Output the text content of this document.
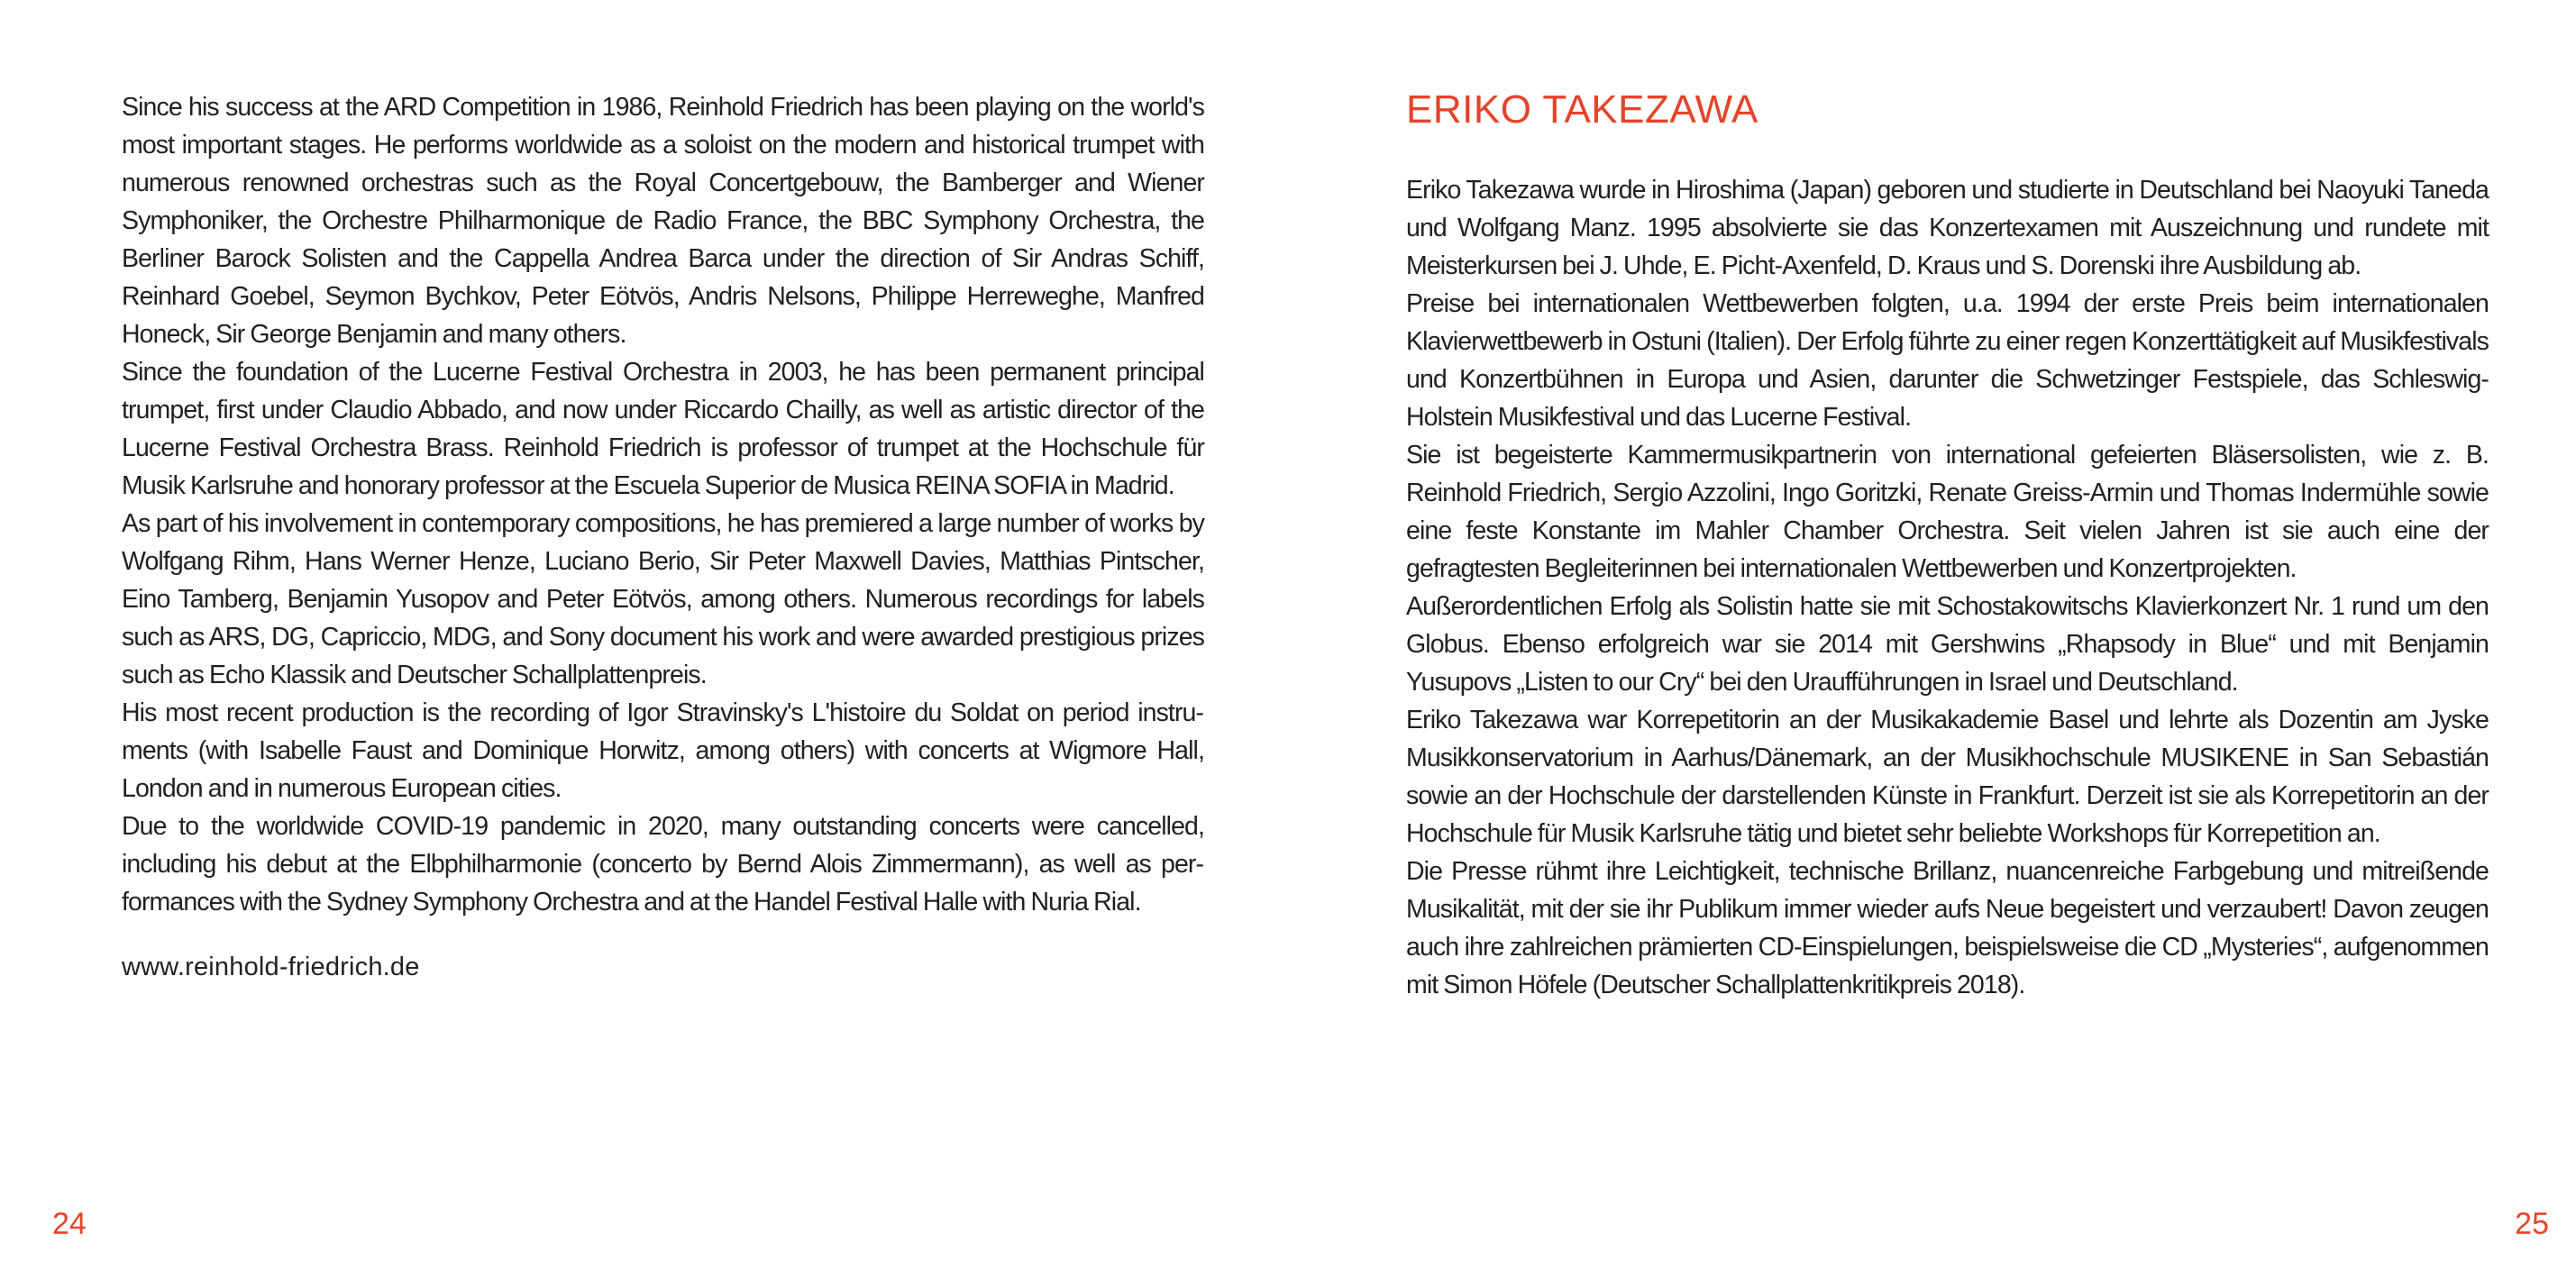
Since his success at the ARD Competition in 1986, Reinhold Friedrich has been playing on the world's most important stages. He performs worldwide as a soloist on the modern and historical trumpet with numerous renowned orchestras such as the Royal Concertgebouw, the Bamberger and Wiener Symphoniker, the Orchestre Philharmonique de Radio France, the BBC Symphony Orchestra, the Berliner Barock Solisten and the Cappella Andrea Barca under the direction of Sir Andras Schiff, Reinhard Goebel, Seymon Bychkov, Peter Eötvös, Andris Nelsons, Philippe Herreweghe, Manfred Honeck, Sir George Benjamin and many others.

Since the foundation of the Lucerne Festival Orchestra in 2003, he has been permanent principal trumpet, first under Claudio Abbado, and now under Riccardo Chailly, as well as artistic director of the Lucerne Festival Orchestra Brass. Reinhold Friedrich is professor of trumpet at the Hochschule für Musik Karlsruhe and honorary professor at the Escuela Superior de Musica REINA SOFIA in Madrid.

As part of his involvement in contemporary compositions, he has premiered a large number of works by Wolfgang Rihm, Hans Werner Henze, Luciano Berio, Sir Peter Maxwell Davies, Matthias Pintscher, Eino Tamberg, Benjamin Yusopov and Peter Eötvös, among others. Numerous recordings for labels such as ARS, DG, Capriccio, MDG, and Sony document his work and were awarded prestigious prizes such as Echo Klassik and Deutscher Schallplattenpreis.

His most recent production is the recording of Igor Stravinsky's L'histoire du Soldat on period instruments (with Isabelle Faust and Dominique Horwitz, among others) with concerts at Wigmore Hall, London and in numerous European cities.

Due to the worldwide COVID-19 pandemic in 2020, many outstanding concerts were cancelled, including his debut at the Elbphilharmonie (concerto by Bernd Alois Zimmermann), as well as performances with the Sydney Symphony Orchestra and at the Handel Festival Halle with Nuria Rial.

www.reinhold-friedrich.de

24
ERIKO TAKEZAWA

Eriko Takezawa wurde in Hiroshima (Japan) geboren und studierte in Deutschland bei Naoyuki Taneda und Wolfgang Manz. 1995 absolvierte sie das Konzertexamen mit Auszeichnung und rundete mit Meisterkursen bei J. Uhde, E. Picht-Axenfeld, D. Kraus und S. Dorenski ihre Ausbildung ab.

Preise bei internationalen Wettbewerben folgten, u.a. 1994 der erste Preis beim internationalen Klavierwettbewerb in Ostuni (Italien). Der Erfolg führte zu einer regen Konzerttätigkeit auf Musikfestivals und Konzertbühnen in Europa und Asien, darunter die Schwetzinger Festspiele, das Schleswig-Holstein Musikfestival und das Lucerne Festival.

Sie ist begeisterte Kammermusikpartnerin von international gefeierten Bläsersolisten, wie z. B. Reinhold Friedrich, Sergio Azzolini, Ingo Goritzki, Renate Greiss-Armin und Thomas Indermühle sowie eine feste Konstante im Mahler Chamber Orchestra. Seit vielen Jahren ist sie auch eine der gefragtesten Begleiterinnen bei internationalen Wettbewerben und Konzertprojekten.

Außerordentlichen Erfolg als Solistin hatte sie mit Schostakowitschs Klavierkonzert Nr. 1 rund um den Globus. Ebenso erfolgreich war sie 2014 mit Gershwins „Rhapsody in Blue“ und mit Benjamin Yusupovs „Listen to our Cry“ bei den Uraufführungen in Israel und Deutschland.

Eriko Takezawa war Korrepetitorin an der Musikakademie Basel und lehrte als Dozentin am Jyske Musikkonservatorium in Aarhus/Dänemark, an der Musikhochschule MUSIKENE in San Sebastián sowie an der Hochschule der darstellenden Künste in Frankfurt. Derzeit ist sie als Korrepetitorin an der Hochschule für Musik Karlsruhe tätig und bietet sehr beliebte Workshops für Korrepetition an.

Die Presse rühmt ihre Leichtigkeit, technische Brillanz, nuancenreiche Farbgebung und mitreißende Musikalität, mit der sie ihr Publikum immer wieder aufs Neue begeistert und verzaubert! Davon zeugen auch ihre zahlreichen prämierten CD-Einspielungen, beispielsweise die CD „Mysteries“, aufgenommen mit Simon Höfele (Deutscher Schallplattenkritikpreis 2018).

25
